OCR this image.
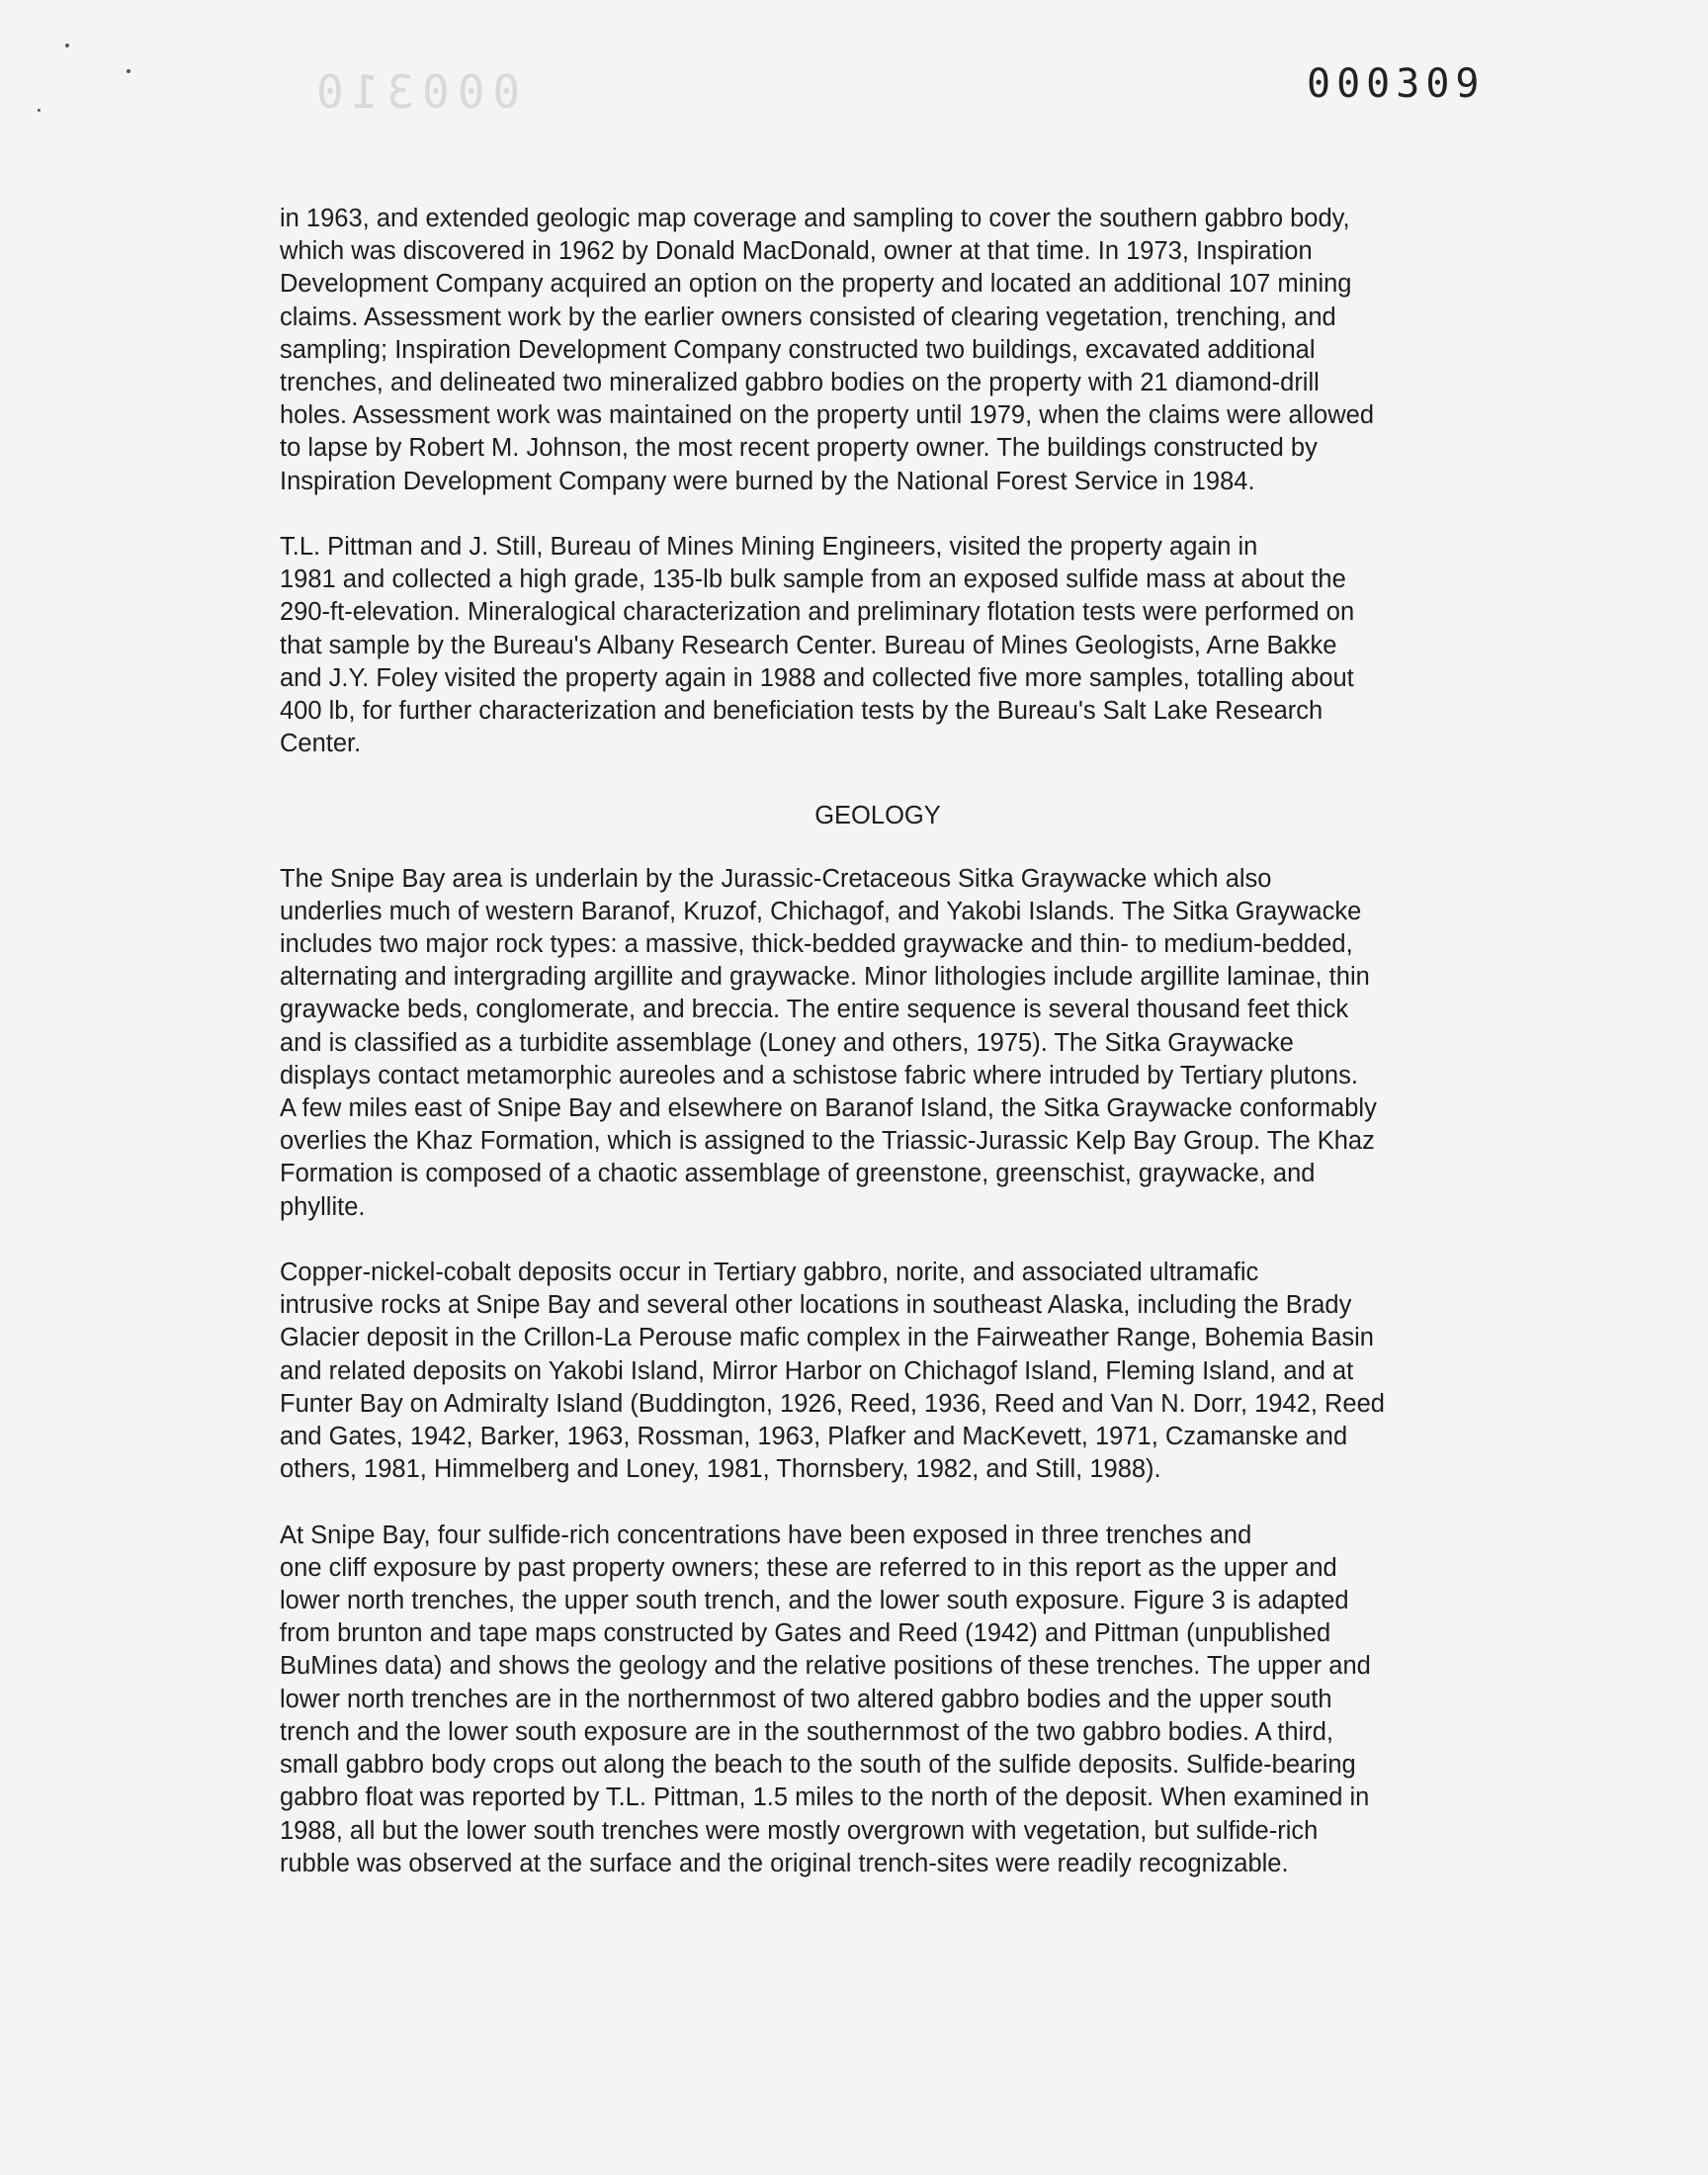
000310	000309

in 1963, and extended geologic map coverage and sampling to cover the southern gabbro body,
which was discovered in 1962 by Donald MacDonald, owner at that time. In 1973, Inspiration
Development Company acquired an option on the property and located an additional 107 mining
claims. Assessment work by the earlier owners consisted of clearing vegetation, trenching, and
sampling; Inspiration Development Company constructed two buildings, excavated additional
trenches, and delineated two mineralized gabbro bodies on the property with 21 diamond-drill
holes. Assessment work was maintained on the property until 1979, when the claims were allowed
to lapse by Robert M. Johnson, the most recent property owner. The buildings constructed by
Inspiration Development Company were burned by the National Forest Service in 1984.

T.L. Pittman and J. Still, Bureau of Mines Mining Engineers, visited the property again in
1981 and collected a high grade, 135-lb bulk sample from an exposed sulfide mass at about the
290-ft-elevation. Mineralogical characterization and preliminary flotation tests were performed on
that sample by the Bureau's Albany Research Center. Bureau of Mines Geologists, Arne Bakke
and J.Y. Foley visited the property again in 1988 and collected five more samples, totalling about
400 lb, for further characterization and beneficiation tests by the Bureau's Salt Lake Research
Center.

GEOLOGY

The Snipe Bay area is underlain by the Jurassic-Cretaceous Sitka Graywacke which also
underlies much of western Baranof, Kruzof, Chichagof, and Yakobi Islands. The Sitka Graywacke
includes two major rock types: a massive, thick-bedded graywacke and thin- to medium-bedded,
alternating and intergrading argillite and graywacke. Minor lithologies include argillite laminae, thin
graywacke beds, conglomerate, and breccia. The entire sequence is several thousand feet thick
and is classified as a turbidite assemblage (Loney and others, 1975). The Sitka Graywacke
displays contact metamorphic aureoles and a schistose fabric where intruded by Tertiary plutons.
A few miles east of Snipe Bay and elsewhere on Baranof Island, the Sitka Graywacke conformably
overlies the Khaz Formation, which is assigned to the Triassic-Jurassic Kelp Bay Group. The Khaz
Formation is composed of a chaotic assemblage of greenstone, greenschist, graywacke, and
phyllite.

Copper-nickel-cobalt deposits occur in Tertiary gabbro, norite, and associated ultramafic
intrusive rocks at Snipe Bay and several other locations in southeast Alaska, including the Brady
Glacier deposit in the Crillon-La Perouse mafic complex in the Fairweather Range, Bohemia Basin
and related deposits on Yakobi Island, Mirror Harbor on Chichagof Island, Fleming Island, and at
Funter Bay on Admiralty Island (Buddington, 1926, Reed, 1936, Reed and Van N. Dorr, 1942, Reed
and Gates, 1942, Barker, 1963, Rossman, 1963, Plafker and MacKevett, 1971, Czamanske and
others, 1981, Himmelberg and Loney, 1981, Thornsbery, 1982, and Still, 1988).

At Snipe Bay, four sulfide-rich concentrations have been exposed in three trenches and
one cliff exposure by past property owners; these are referred to in this report as the upper and
lower north trenches, the upper south trench, and the lower south exposure. Figure 3 is adapted
from brunton and tape maps constructed by Gates and Reed (1942) and Pittman (unpublished
BuMines data) and shows the geology and the relative positions of these trenches. The upper and
lower north trenches are in the northernmost of two altered gabbro bodies and the upper south
trench and the lower south exposure are in the southernmost of the two gabbro bodies. A third,
small gabbro body crops out along the beach to the south of the sulfide deposits. Sulfide-bearing
gabbro float was reported by T.L. Pittman, 1.5 miles to the north of the deposit. When examined in
1988, all but the lower south trenches were mostly overgrown with vegetation, but sulfide-rich
rubble was observed at the surface and the original trench-sites were readily recognizable.
